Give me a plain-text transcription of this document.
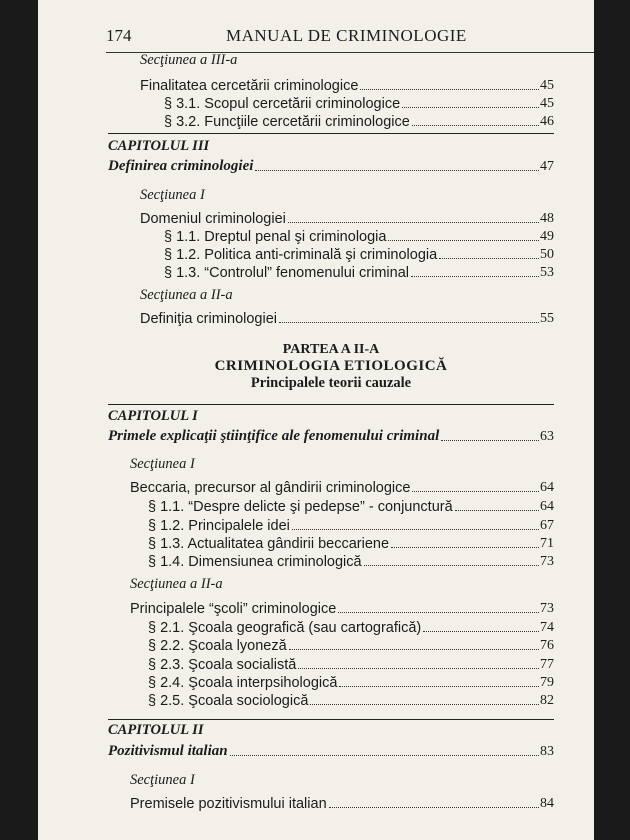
174	MANUAL DE CRIMINOLOGIE
Secţiunea a III-a
Finalitatea cercetării criminologice	45
§ 3.1. Scopul cercetării criminologice	45
§ 3.2. Funcţiile cercetării criminologice	46
CAPITOLUL III
Definirea criminologiei	47
Secţiunea I
Domeniul criminologiei	48
§ 1.1. Dreptul penal şi criminologia	49
§ 1.2. Politica anti-criminală şi criminologia	50
§ 1.3. “Controlul” fenomenului criminal	53
Secţiunea a II-a
Definiţia criminologiei	55
PARTEA A II-A
CRIMINOLOGIA ETIOLOGICĂ
Principalele teorii cauzale
CAPITOLUL I
Primele explicaţii ştiinţifice ale fenomenului criminal	63
Secţiunea I
Beccaria, precursor al gândirii criminologice	64
§ 1.1. “Despre delicte şi pedepse” - conjunctură	64
§ 1.2. Principalele idei	67
§ 1.3. Actualitatea gândirii beccariene	71
§ 1.4. Dimensiunea criminologică	73
Secţiunea a II-a
Principalele “şcoli” criminologice	73
§ 2.1. Şcoala geografică (sau cartografică)	74
§ 2.2. Şcoala lyoneză	76
§ 2.3. Şcoala socialistă	77
§ 2.4. Şcoala interpsihologică	79
§ 2.5. Şcoala sociologică	82
CAPITOLUL II
Pozitivismul italian	83
Secţiunea I
Premisele pozitivismului italian	84
